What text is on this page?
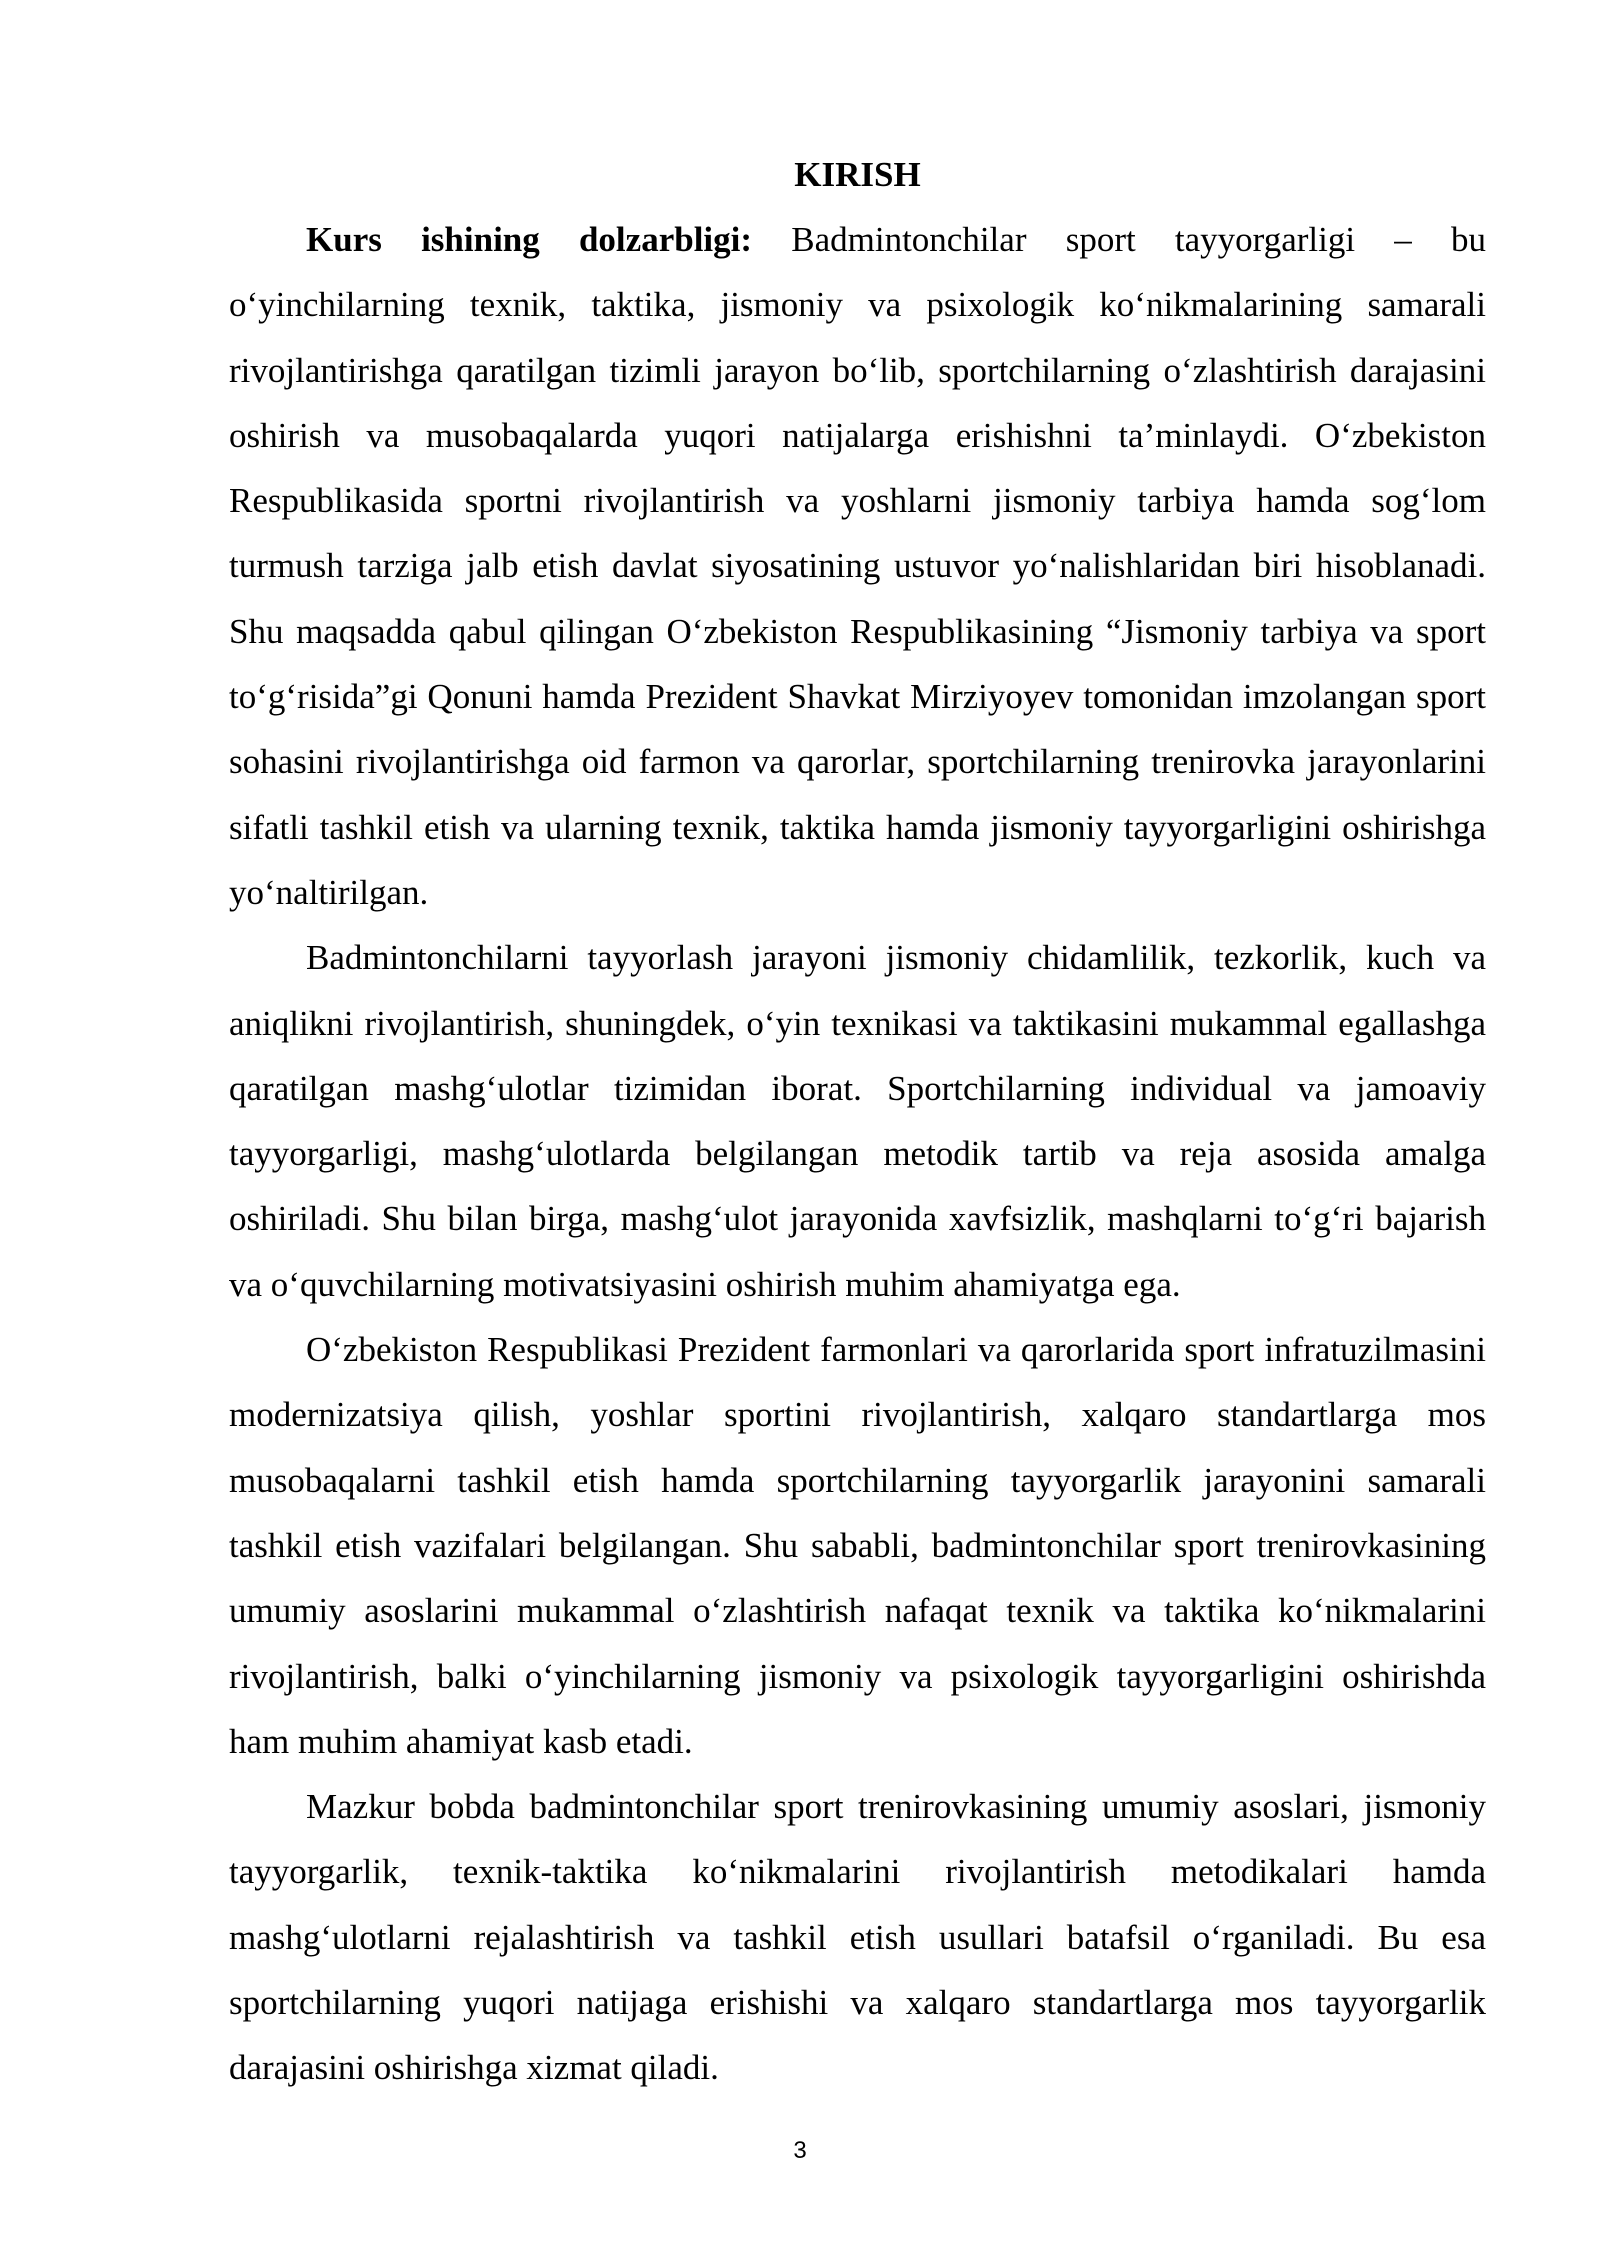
KIRISH

Kurs ishining dolzarbligi: Badmintonchilar sport tayyorgarligi – bu o‘yinchilarning texnik, taktika, jismoniy va psixologik ko‘nikmalarining samarali rivojlantirishga qaratilgan tizimli jarayon bo‘lib, sportchilarning o‘zlashtirish darajasini oshirish va musobaqalarda yuqori natijalarga erishishni ta’minlaydi. O‘zbekiston Respublikasida sportni rivojlantirish va yoshlarni jismoniy tarbiya hamda sog‘lom turmush tarziga jalb etish davlat siyosatining ustuvor yo‘nalishlaridan biri hisoblanadi. Shu maqsadda qabul qilingan O‘zbekiston Respublikasining “Jismoniy tarbiya va sport to‘g‘risida”gi Qonuni hamda Prezident Shavkat Mirziyoyev tomonidan imzolangan sport sohasini rivojlantirishga oid farmon va qarorlar, sportchilarning trenirovka jarayonlarini sifatli tashkil etish va ularning texnik, taktika hamda jismoniy tayyorgarligini oshirishga yo‘naltirilgan.

Badmintonchilarni tayyorlash jarayoni jismoniy chidamlilik, tezkorlik, kuch va aniqlikni rivojlantirish, shuningdek, o‘yin texnikasi va taktikasini mukammal egallashga qaratilgan mashg‘ulotlar tizimidan iborat. Sportchilarning individual va jamoaviy tayyorgarligi, mashg‘ulotlarda belgilangan metodik tartib va reja asosida amalga oshiriladi. Shu bilan birga, mashg‘ulot jarayonida xavfsizlik, mashqlarni to‘g‘ri bajarish va o‘quvchilarning motivatsiyasini oshirish muhim ahamiyatga ega.

O‘zbekiston Respublikasi Prezident farmonlari va qarorlarida sport infratuzilmasini modernizatsiya qilish, yoshlar sportini rivojlantirish, xalqaro standartlarga mos musobaqalarni tashkil etish hamda sportchilarning tayyorgarlik jarayonini samarali tashkil etish vazifalari belgilangan. Shu sababli, badmintonchilar sport trenirovkasining umumiy asoslarini mukammal o‘zlashtirish nafaqat texnik va taktika ko‘nikmalarini rivojlantirish, balki o‘yinchilarning jismoniy va psixologik tayyorgarligini oshirishda ham muhim ahamiyat kasb etadi.

Mazkur bobda badmintonchilar sport trenirovkasining umumiy asoslari, jismoniy tayyorgarlik, texnik-taktika ko‘nikmalarini rivojlantirish metodikalari hamda mashg‘ulotlarni rejalashtirish va tashkil etish usullari batafsil o‘rganiladi. Bu esa sportchilarning yuqori natijaga erishishi va xalqaro standartlarga mos tayyorgarlik darajasini oshirishga xizmat qiladi.

3
